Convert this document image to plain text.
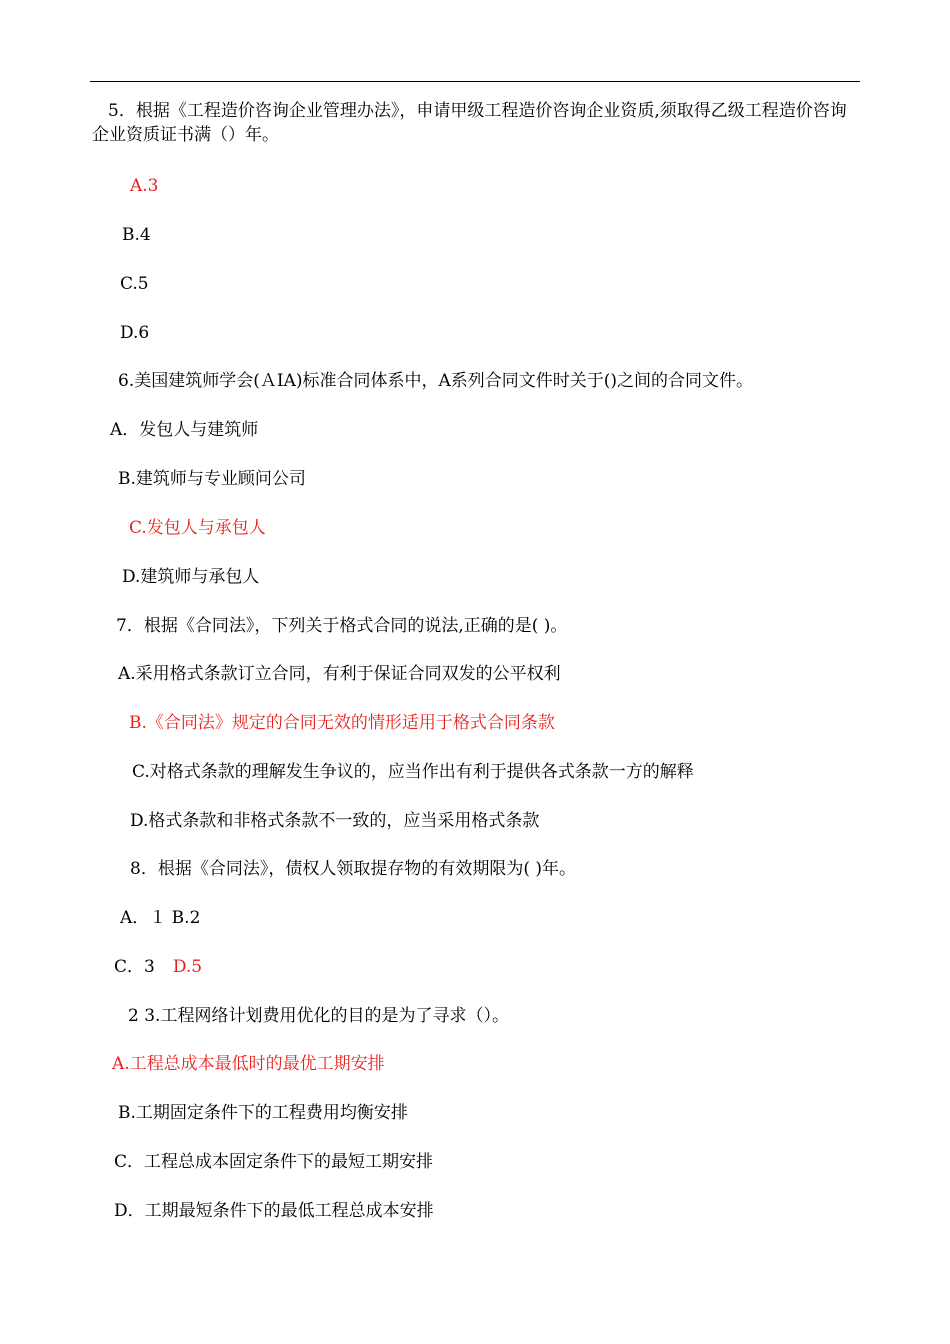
5．根据《工程造价咨询企业管理办法》，申请甲级工程造价咨询企业资质,须取得乙级工程造价咨询企业资质证书满（）年。

A.3

B.4

C.5

D.6

6.美国建筑师学会(ＡIA)标准合同体系中，A系列合同文件时关于()之间的合同文件。

A．发包人与建筑师

B.建筑师与专业顾问公司

C.发包人与承包人

D.建筑师与承包人

7．根据《合同法》，下列关于格式合同的说法,正确的是( )。

A.采用格式条款订立合同，有利于保证合同双发的公平权利

B.《合同法》规定的合同无效的情形适用于格式合同条款

C.对格式条款的理解发生争议的，应当作出有利于提供各式条款一方的解释

D.格式条款和非格式条款不一致的，应当采用格式条款

8．根据《合同法》，债权人领取提存物的有效期限为( )年。

A．１ B.2

C．3 D.5

2 3.工程网络计划费用优化的目的是为了寻求（）。

A.工程总成本最低时的最优工期安排

B.工期固定条件下的工程费用均衡安排

C．工程总成本固定条件下的最短工期安排

D．工期最短条件下的最低工程总成本安排
